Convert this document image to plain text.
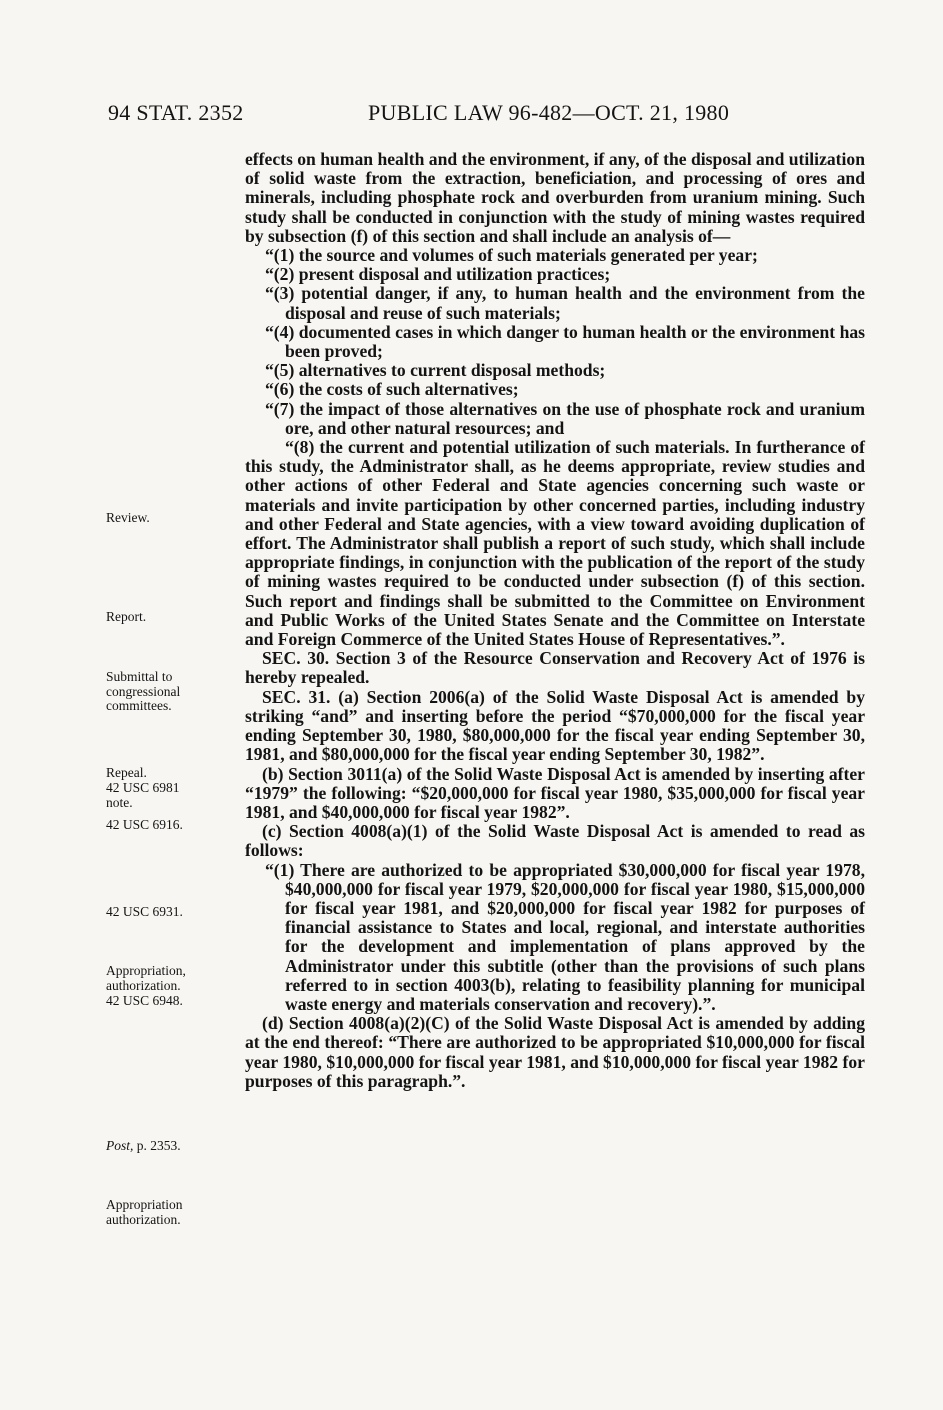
94 STAT. 2352	PUBLIC LAW 96-482—OCT. 21, 1980

effects on human health and the environment, if any, of the disposal and utilization of solid waste from the extraction, beneficiation, and processing of ores and minerals, including phosphate rock and overburden from uranium mining. Such study shall be conducted in conjunction with the study of mining wastes required by subsection (f) of this section and shall include an analysis of—

“(1) the source and volumes of such materials generated per year;

“(2) present disposal and utilization practices;

“(3) potential danger, if any, to human health and the environment from the disposal and reuse of such materials;

“(4) documented cases in which danger to human health or the environment has been proved;

“(5) alternatives to current disposal methods;

“(6) the costs of such alternatives;

“(7) the impact of those alternatives on the use of phosphate rock and uranium ore, and other natural resources; and

“(8) the current and potential utilization of such materials. In furtherance of this study, the Administrator shall, as he deems appropriate, review studies and other actions of other Federal and State agencies concerning such waste or materials and invite participation by other concerned parties, including industry and other Federal and State agencies, with a view toward avoiding duplication of effort. The Administrator shall publish a report of such study, which shall include appropriate findings, in conjunction with the publication of the report of the study of mining wastes required to be conducted under subsection (f) of this section. Such report and findings shall be submitted to the Committee on Environment and Public Works of the United States Senate and the Committee on Interstate and Foreign Commerce of the United States House of Representatives.”.

SEC. 30. Section 3 of the Resource Conservation and Recovery Act of 1976 is hereby repealed.

SEC. 31. (a) Section 2006(a) of the Solid Waste Disposal Act is amended by striking “and” and inserting before the period “$70,000,000 for the fiscal year ending September 30, 1980, $80,000,000 for the fiscal year ending September 30, 1981, and $80,000,000 for the fiscal year ending September 30, 1982”.

(b) Section 3011(a) of the Solid Waste Disposal Act is amended by inserting after “1979” the following: “$20,000,000 for fiscal year 1980, $35,000,000 for fiscal year 1981, and $40,000,000 for fiscal year 1982”.

(c) Section 4008(a)(1) of the Solid Waste Disposal Act is amended to read as follows:

“(1) There are authorized to be appropriated $30,000,000 for fiscal year 1978, $40,000,000 for fiscal year 1979, $20,000,000 for fiscal year 1980, $15,000,000 for fiscal year 1981, and $20,000,000 for fiscal year 1982 for purposes of financial assistance to States and local, regional, and interstate authorities for the development and implementation of plans approved by the Administrator under this subtitle (other than the provisions of such plans referred to in section 4003(b), relating to feasibility planning for municipal waste energy and materials conservation and recovery).”.

(d) Section 4008(a)(2)(C) of the Solid Waste Disposal Act is amended by adding at the end thereof: “There are authorized to be appropriated $10,000,000 for fiscal year 1980, $10,000,000 for fiscal year 1981, and $10,000,000 for fiscal year 1982 for purposes of this paragraph.”.

Review.
Report.
Submittal to congressional committees.
Repeal.
42 USC 6981 note.
42 USC 6916.
42 USC 6931.
Appropriation, authorization.
42 USC 6948.
Post, p. 2353.
Appropriation authorization.
